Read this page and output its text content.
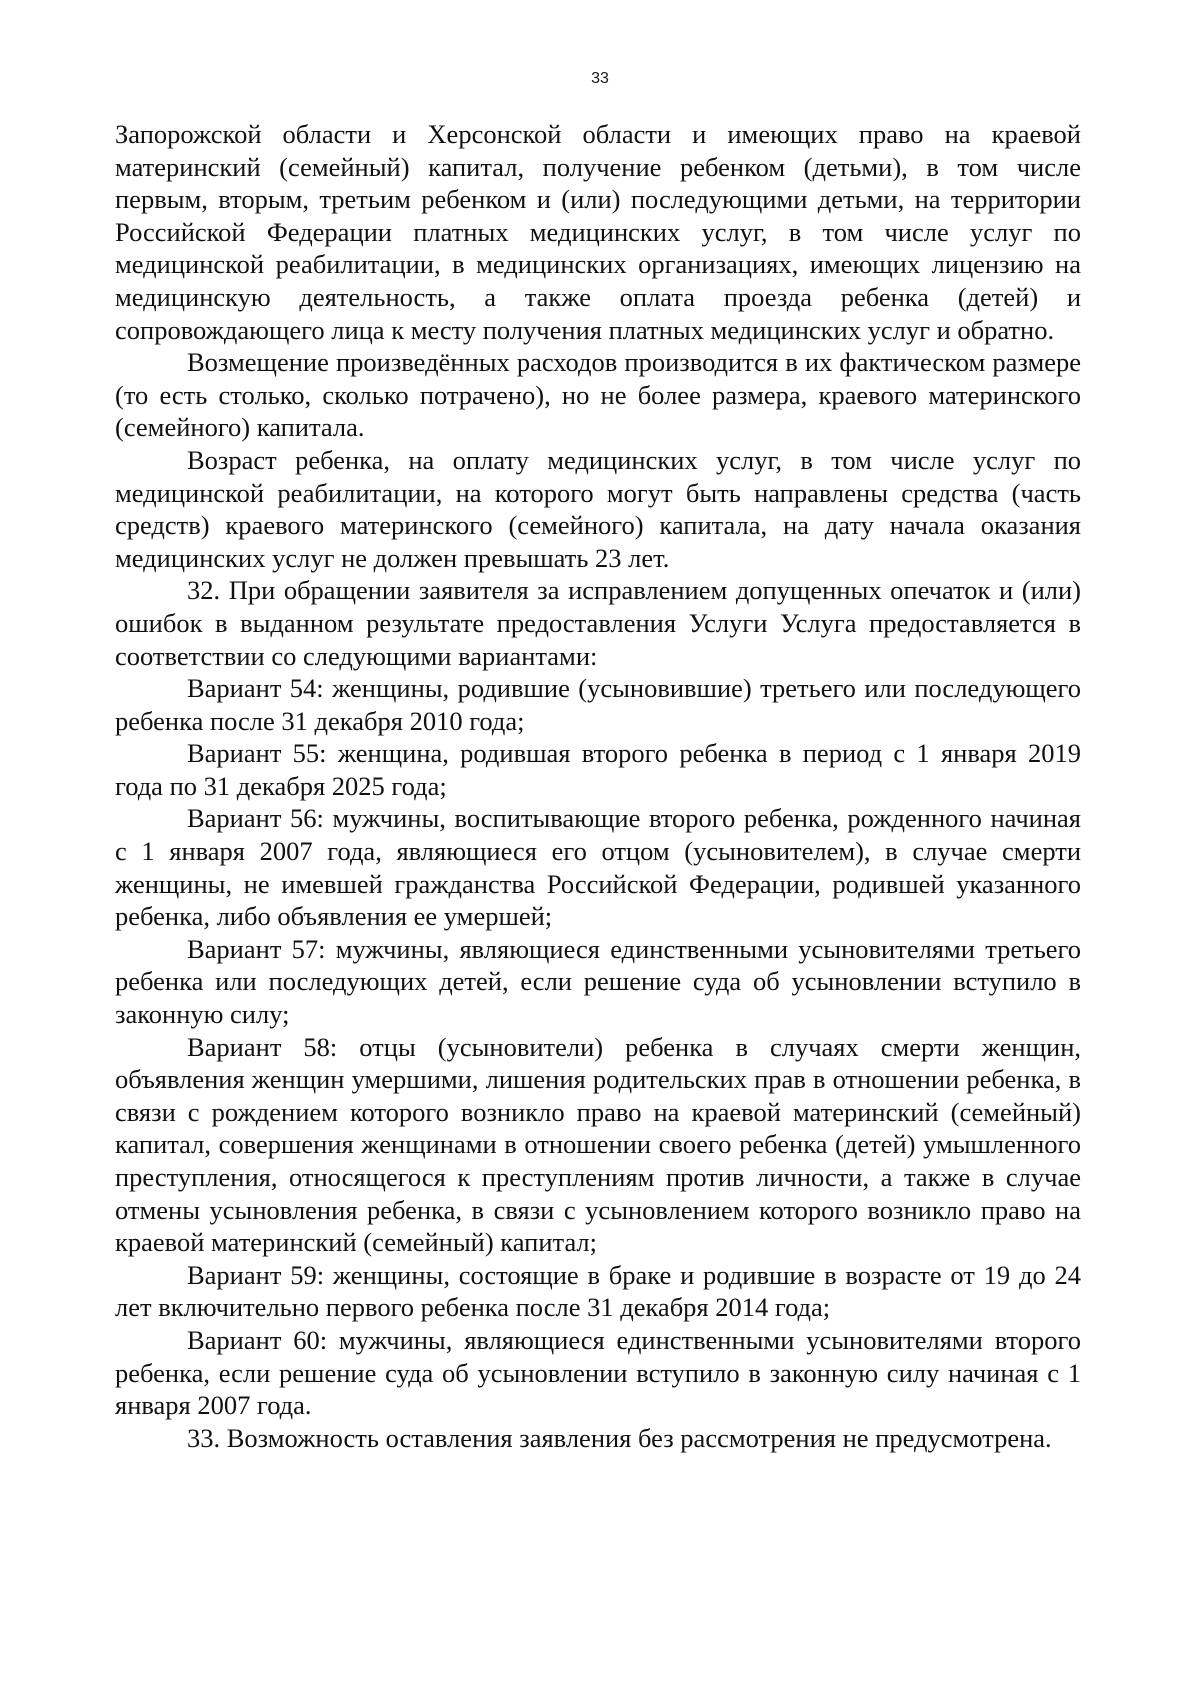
33

Запорожской области и Херсонской области и имеющих право на краевой материнский (семейный) капитал, получение ребенком (детьми), в том числе первым, вторым, третьим ребенком и (или) последующими детьми, на территории Российской Федерации платных медицинских услуг, в том числе услуг по медицинской реабилитации, в медицинских организациях, имеющих лицензию на медицинскую деятельность, а также оплата проезда ребенка (детей) и сопровождающего лица к месту получения платных медицинских услуг и обратно.

Возмещение произведённых расходов производится в их фактическом размере (то есть столько, сколько потрачено), но не более размера, краевого материнского (семейного) капитала.

Возраст ребенка, на оплату медицинских услуг, в том числе услуг по медицинской реабилитации, на которого могут быть направлены средства (часть средств) краевого материнского (семейного) капитала, на дату начала оказания медицинских услуг не должен превышать 23 лет.

32. При обращении заявителя за исправлением допущенных опечаток и (или) ошибок в выданном результате предоставления Услуги Услуга предоставляется в соответствии со следующими вариантами:

Вариант 54: женщины, родившие (усыновившие) третьего или последующего ребенка после 31 декабря 2010 года;

Вариант 55: женщина, родившая второго ребенка в период с 1 января 2019 года по 31 декабря 2025 года;

Вариант 56: мужчины, воспитывающие второго ребенка, рожденного начиная с 1 января 2007 года, являющиеся его отцом (усыновителем), в случае смерти женщины, не имевшей гражданства Российской Федерации, родившей указанного ребенка, либо объявления ее умершей;

Вариант 57: мужчины, являющиеся единственными усыновителями третьего ребенка или последующих детей, если решение суда об усыновлении вступило в законную силу;

Вариант 58: отцы (усыновители) ребенка в случаях смерти женщин, объявления женщин умершими, лишения родительских прав в отношении ребенка, в связи с рождением которого возникло право на краевой материнский (семейный) капитал, совершения женщинами в отношении своего ребенка (детей) умышленного преступления, относящегося к преступлениям против личности, а также в случае отмены усыновления ребенка, в связи с усыновлением которого возникло право на краевой материнский (семейный) капитал;

Вариант 59: женщины, состоящие в браке и родившие в возрасте от 19 до 24 лет включительно первого ребенка после 31 декабря 2014 года;

Вариант 60: мужчины, являющиеся единственными усыновителями второго ребенка, если решение суда об усыновлении вступило в законную силу начиная с 1 января 2007 года.

33. Возможность оставления заявления без рассмотрения не предусмотрена.
